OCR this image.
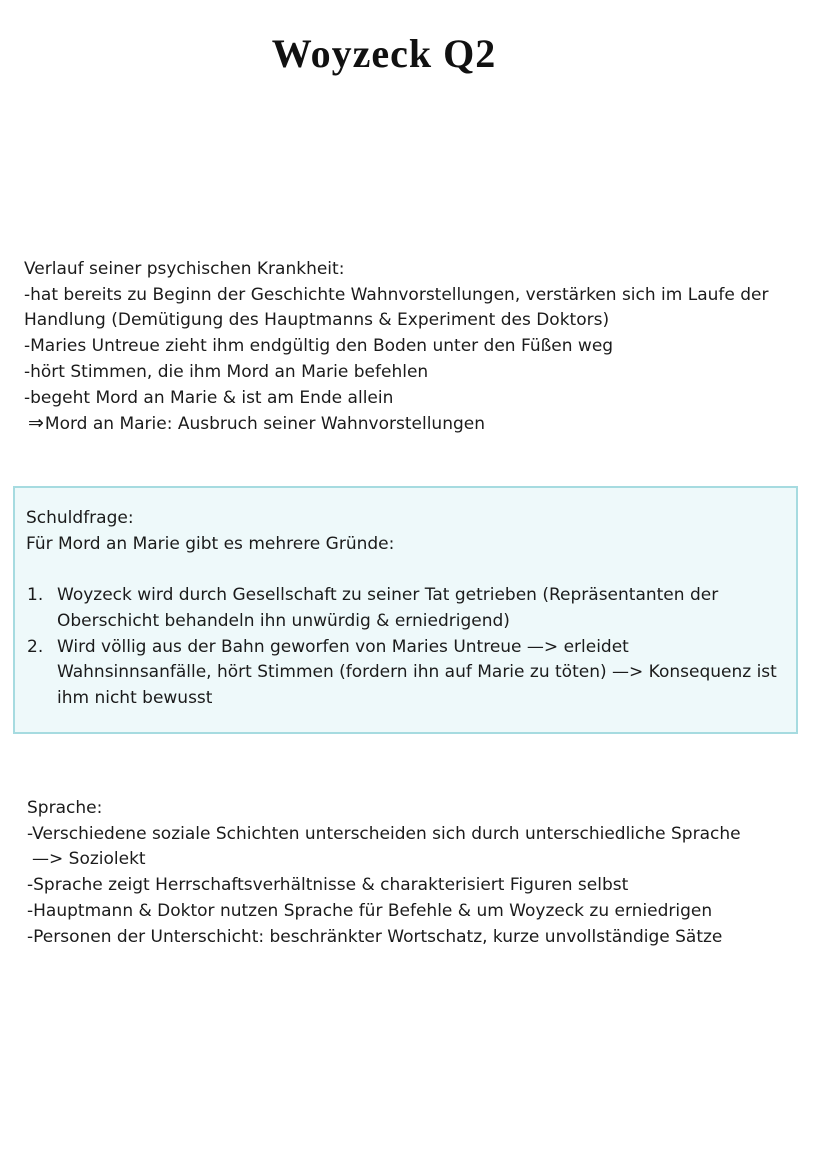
Woyzeck Q2

Verlauf seiner psychischen Krankheit:

-hat bereits zu Beginn der Geschichte Wahnvorstellungen, verstärken sich im Laufe der

Handlung (Demütigung des Hauptmanns & Experiment des Doktors)

-Maries Untreue zieht ihm endgültig den Boden unter den Füßen weg

-hört Stimmen, die ihm Mord an Marie befehlen

-begeht Mord an Marie & ist am Ende allein

⇒Mord an Marie: Ausbruch seiner Wahnvorstellungen

Schuldfrage:

Für Mord an Marie gibt es mehrere Gründe:

1. Woyzeck wird durch Gesellschaft zu seiner Tat getrieben (Repräsentanten der
Oberschicht behandeln ihn unwürdig & erniedrigend)
2. Wird völlig aus der Bahn geworfen von Maries Untreue —> erleidet
Wahnsinnsanfälle, hört Stimmen (fordern ihn auf Marie zu töten) —> Konsequenz ist
ihm nicht bewusst

Sprache:

-Verschiedene soziale Schichten unterscheiden sich durch unterschiedliche Sprache

—> Soziolekt

-Sprache zeigt Herrschaftsverhältnisse & charakterisiert Figuren selbst

-Hauptmann & Doktor nutzen Sprache für Befehle & um Woyzeck zu erniedrigen

-Personen der Unterschicht: beschränkter Wortschatz, kurze unvollständige Sätze
